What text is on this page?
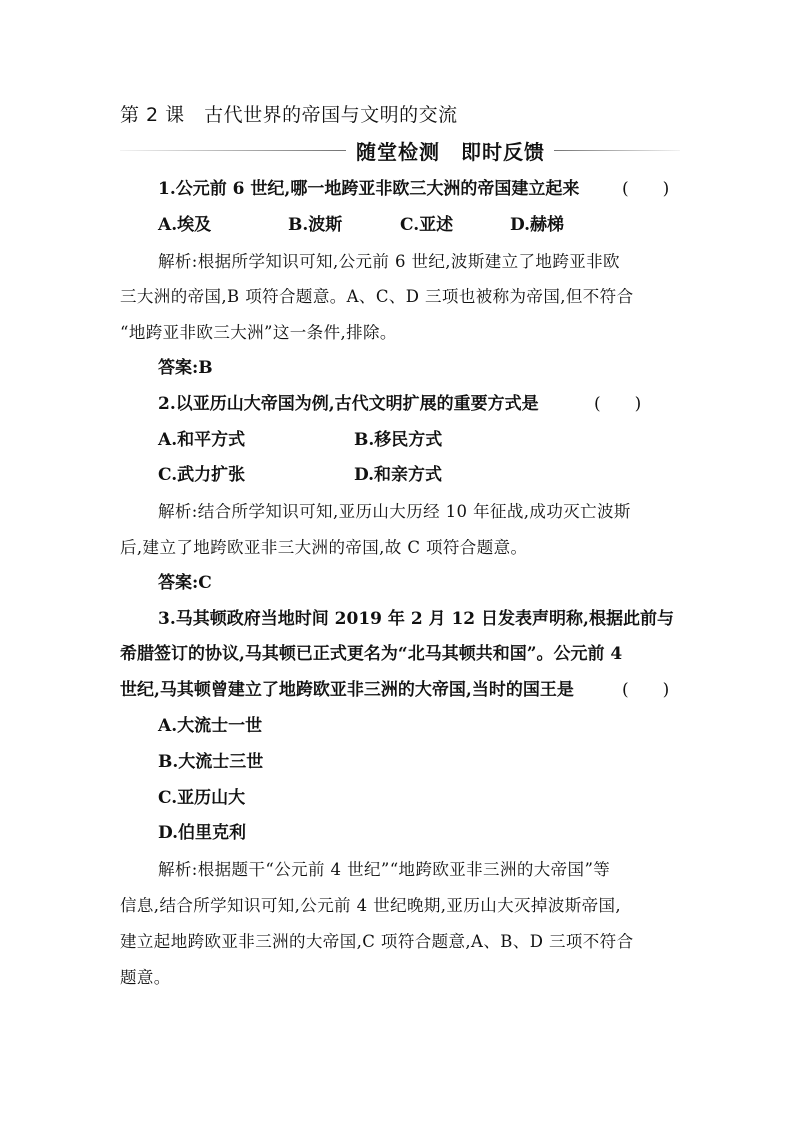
第 2 课　古代世界的帝国与文明的交流
随堂检测　即时反馈
1.公元前 6 世纪,哪一地跨亚非欧三大洲的帝国建立起来	(　　)
A.埃及	B.波斯	C.亚述	D.赫梯
解析:根据所学知识可知,公元前 6 世纪,波斯建立了地跨亚非欧
三大洲的帝国,B 项符合题意。A、C、D 三项也被称为帝国,但不符合
“地跨亚非欧三大洲”这一条件,排除。
答案:B
2.以亚历山大帝国为例,古代文明扩展的重要方式是	(　　)
A.和平方式	B.移民方式
C.武力扩张	D.和亲方式
解析:结合所学知识可知,亚历山大历经 10 年征战,成功灭亡波斯
后,建立了地跨欧亚非三大洲的帝国,故 C 项符合题意。
答案:C
3.马其顿政府当地时间 2019 年 2 月 12 日发表声明称,根据此前与
希腊签订的协议,马其顿已正式更名为“北马其顿共和国”。公元前 4
世纪,马其顿曾建立了地跨欧亚非三洲的大帝国,当时的国王是	(　　)
A.大流士一世
B.大流士三世
C.亚历山大
D.伯里克利
解析:根据题干“公元前 4 世纪”“地跨欧亚非三洲的大帝国”等
信息,结合所学知识可知,公元前 4 世纪晚期,亚历山大灭掉波斯帝国,
建立起地跨欧亚非三洲的大帝国,C 项符合题意,A、B、D 三项不符合
题意。
